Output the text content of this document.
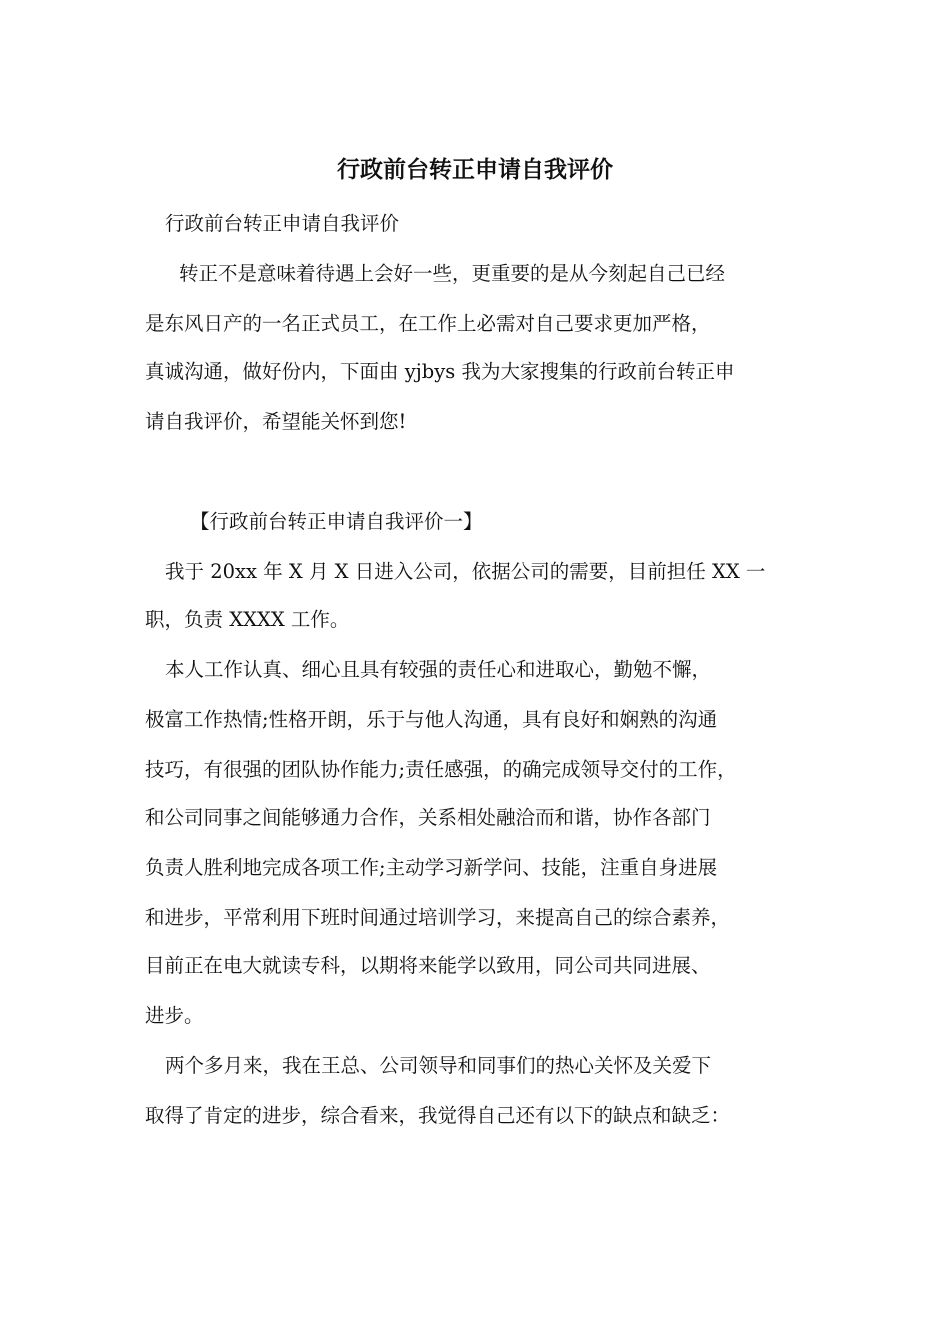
行政前台转正申请自我评价

行政前台转正申请自我评价

转正不是意味着待遇上会好一些，更重要的是从今刻起自己已经

是东风日产的一名正式员工，在工作上必需对自己要求更加严格，

真诚沟通，做好份内，下面由 yjbys 我为大家搜集的行政前台转正申

请自我评价，希望能关怀到您!

【行政前台转正申请自我评价一】

我于 20xx 年 X 月 X 日进入公司，依据公司的需要，目前担任 XX 一

职，负责 XXXX 工作。

本人工作认真、细心且具有较强的责任心和进取心，勤勉不懈，

极富工作热情;性格开朗，乐于与他人沟通，具有良好和娴熟的沟通

技巧，有很强的团队协作能力;责任感强，的确完成领导交付的工作，

和公司同事之间能够通力合作，关系相处融洽而和谐，协作各部门

负责人胜利地完成各项工作;主动学习新学问、技能，注重自身进展

和进步，平常利用下班时间通过培训学习，来提高自己的综合素养，

目前正在电大就读专科，以期将来能学以致用，同公司共同进展、

进步。

两个多月来，我在王总、公司领导和同事们的热心关怀及关爱下

取得了肯定的进步，综合看来，我觉得自己还有以下的缺点和缺乏：
